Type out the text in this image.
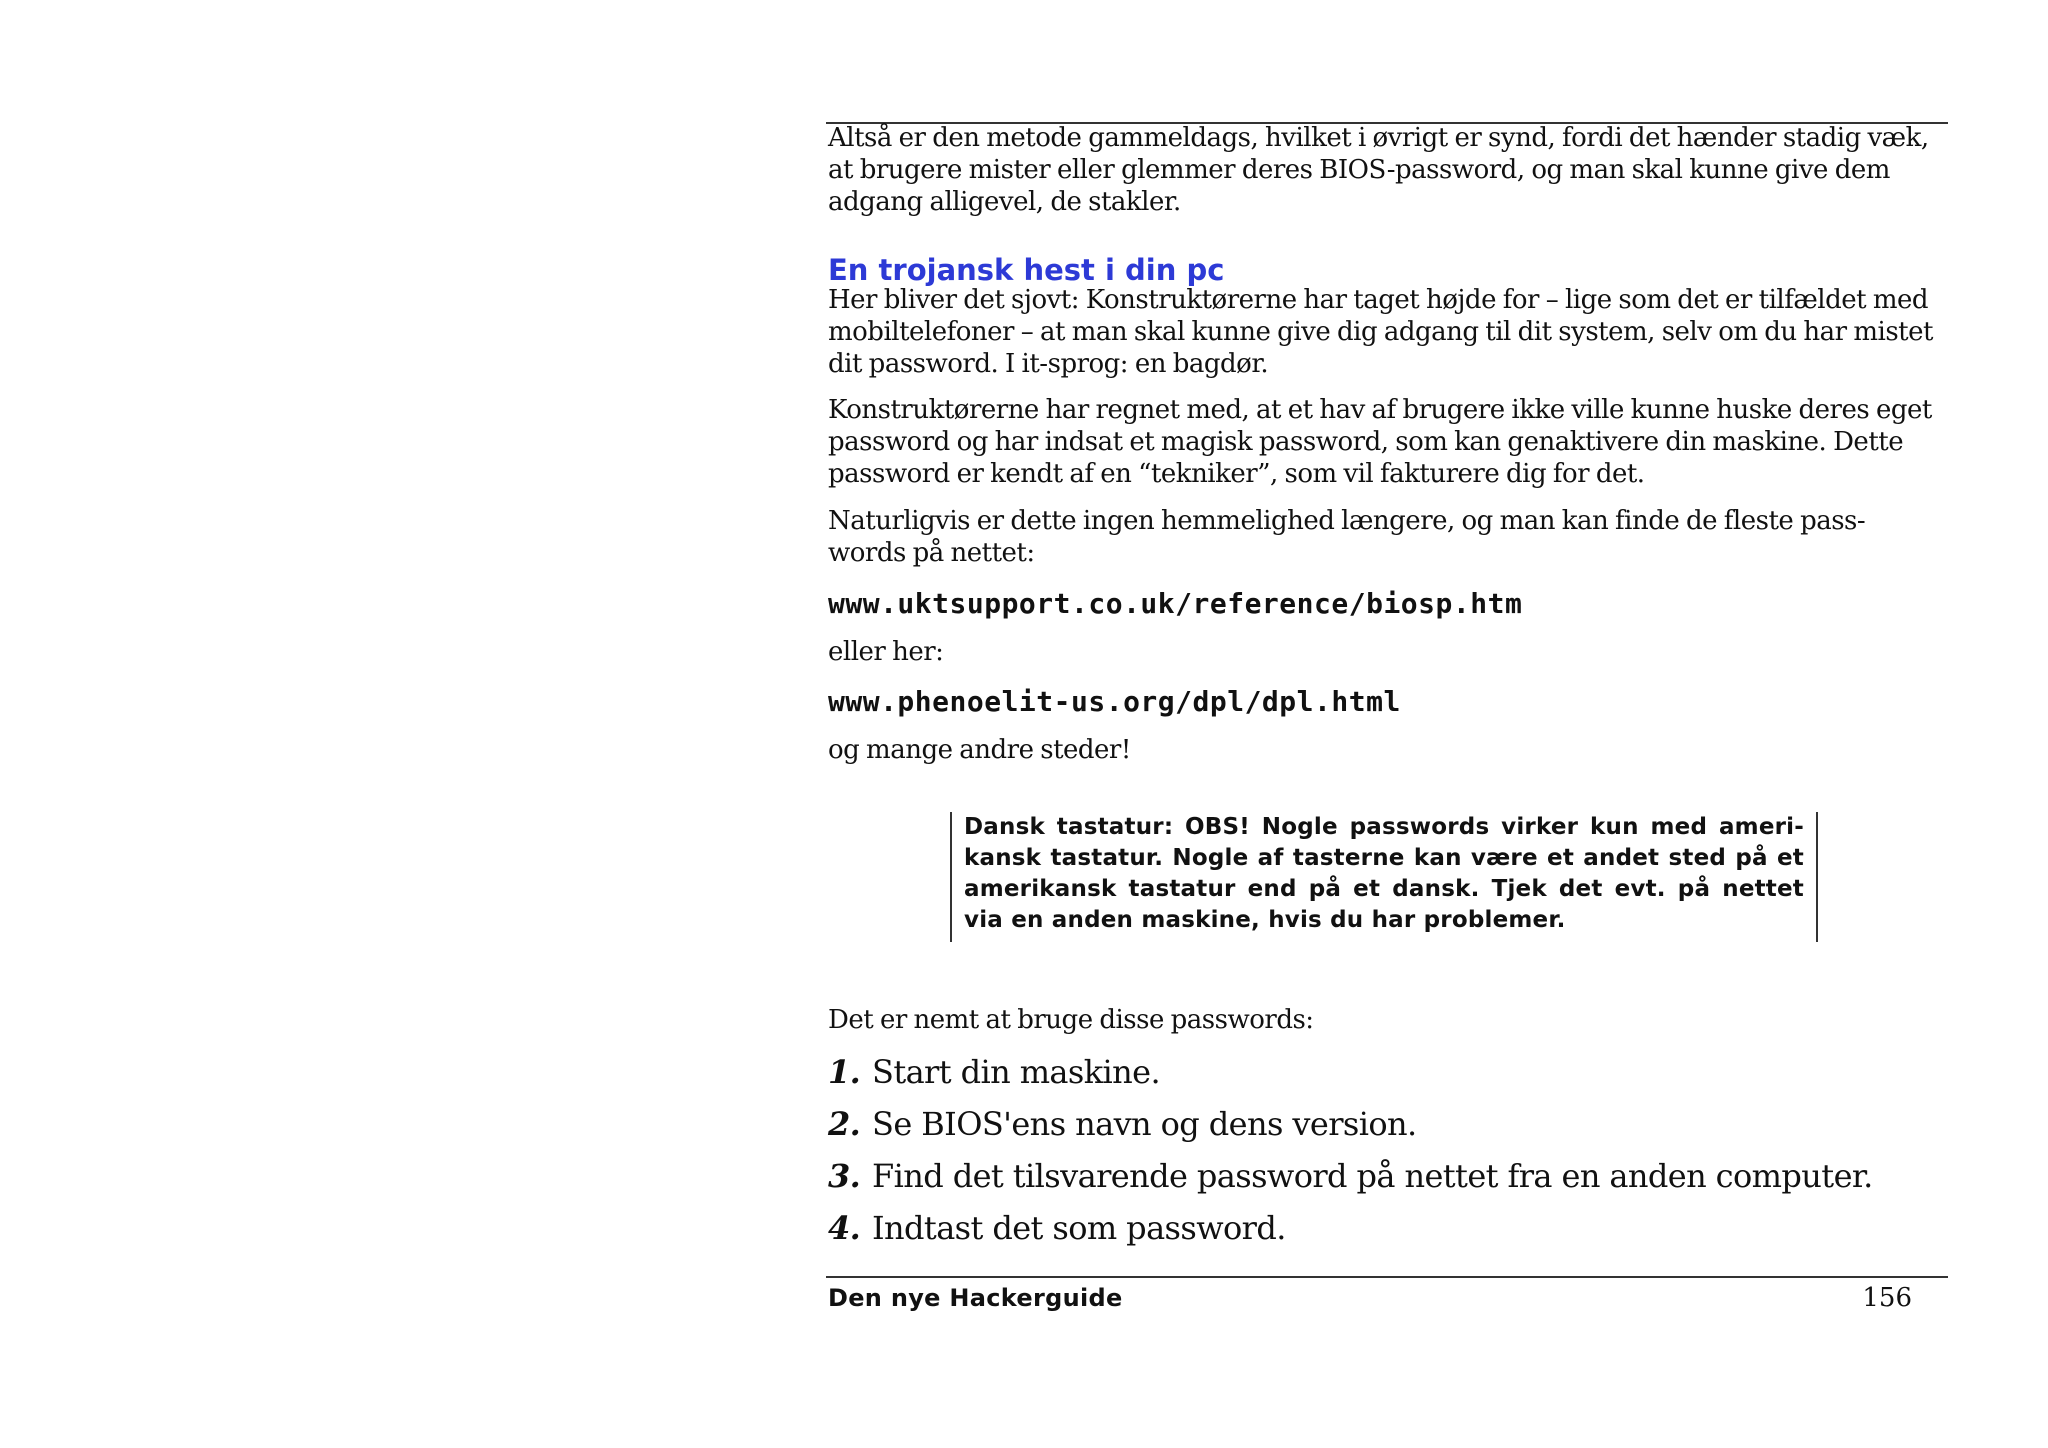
Altså er den metode gammeldags, hvilket i øvrigt er synd, fordi det hænder stadig væk, at brugere mister eller glemmer deres BIOS-password, og man skal kunne give dem adgang alligevel, de stakler.

En trojansk hest i din pc

Her bliver det sjovt: Konstruktørerne har taget højde for – lige som det er tilfældet med mobiltelefoner – at man skal kunne give dig adgang til dit system, selv om du har mistet dit password. I it-sprog: en bagdør.

Konstruktørerne har regnet med, at et hav af brugere ikke ville kunne huske deres eget password og har indsat et magisk password, som kan genaktivere din maskine. Dette password er kendt af en “tekniker”, som vil fakturere dig for det.

Naturligvis er dette ingen hemmelighed længere, og man kan finde de fleste pass- words på nettet:

www.uktsupport.co.uk/reference/biosp.htm

eller her:

www.phenoelit-us.org/dpl/dpl.html

og mange andre steder!

Dansk tastatur: OBS! Nogle passwords virker kun med ameri- kansk tastatur. Nogle af tasterne kan være et andet sted på et amerikansk tastatur end på et dansk. Tjek det evt. på nettet via en anden maskine, hvis du har problemer.

Det er nemt at bruge disse passwords:

1. Start din maskine.
2. Se BIOS'ens navn og dens version.
3. Find det tilsvarende password på nettet fra en anden computer.
4. Indtast det som password.

Den nye Hackerguide	156
